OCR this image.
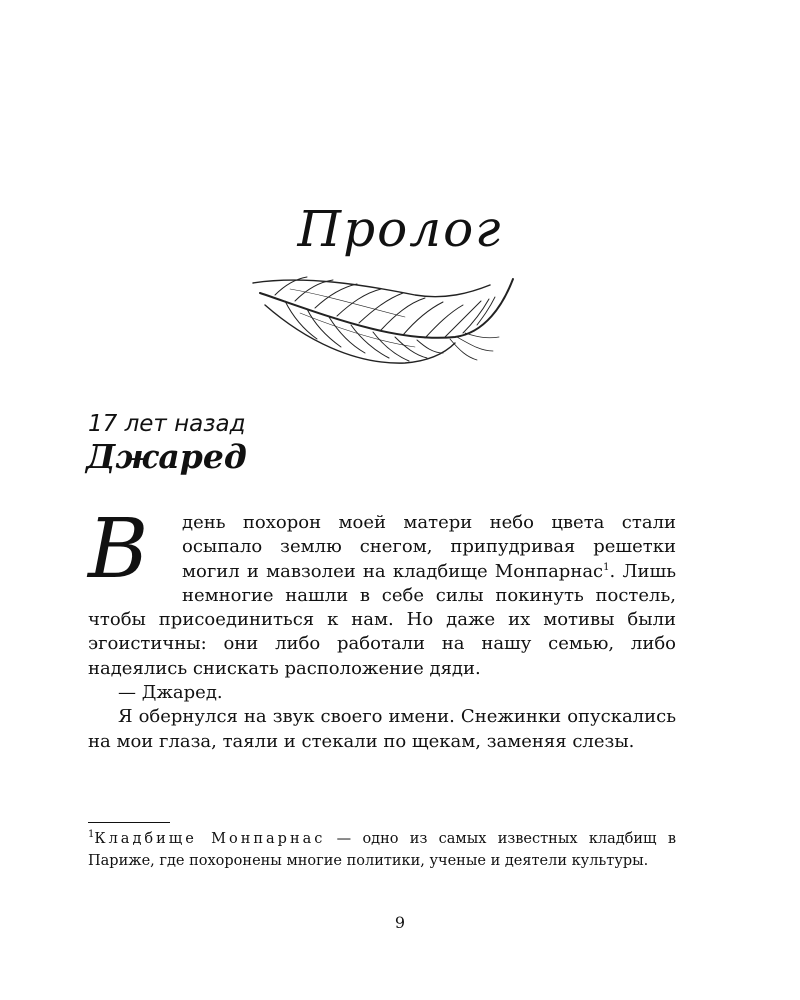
Пролог
17 лет назад
Джаред

В	день похорон моей матери небо цвета стали осыпало землю снегом, припудривая решетки могил и мавзолеи на кладбище Монпарнас$^1$. Лишь немногие нашли в себе силы покинуть постель, чтобы присоединиться к нам. Но даже их мотивы были эгоистичны: они либо работали на нашу семью, либо надеялись снискать расположение дяди.

— Джаред.

Я обернулся на звук своего имени. Снежинки опускались на мои глаза, таяли и стекали по щекам, заменяя слезы.

$^1$Кладбище Монпарнас — одно из самых известных кладбищ в Париже, где похоронены многие политики, ученые и деятели культуры.
9
